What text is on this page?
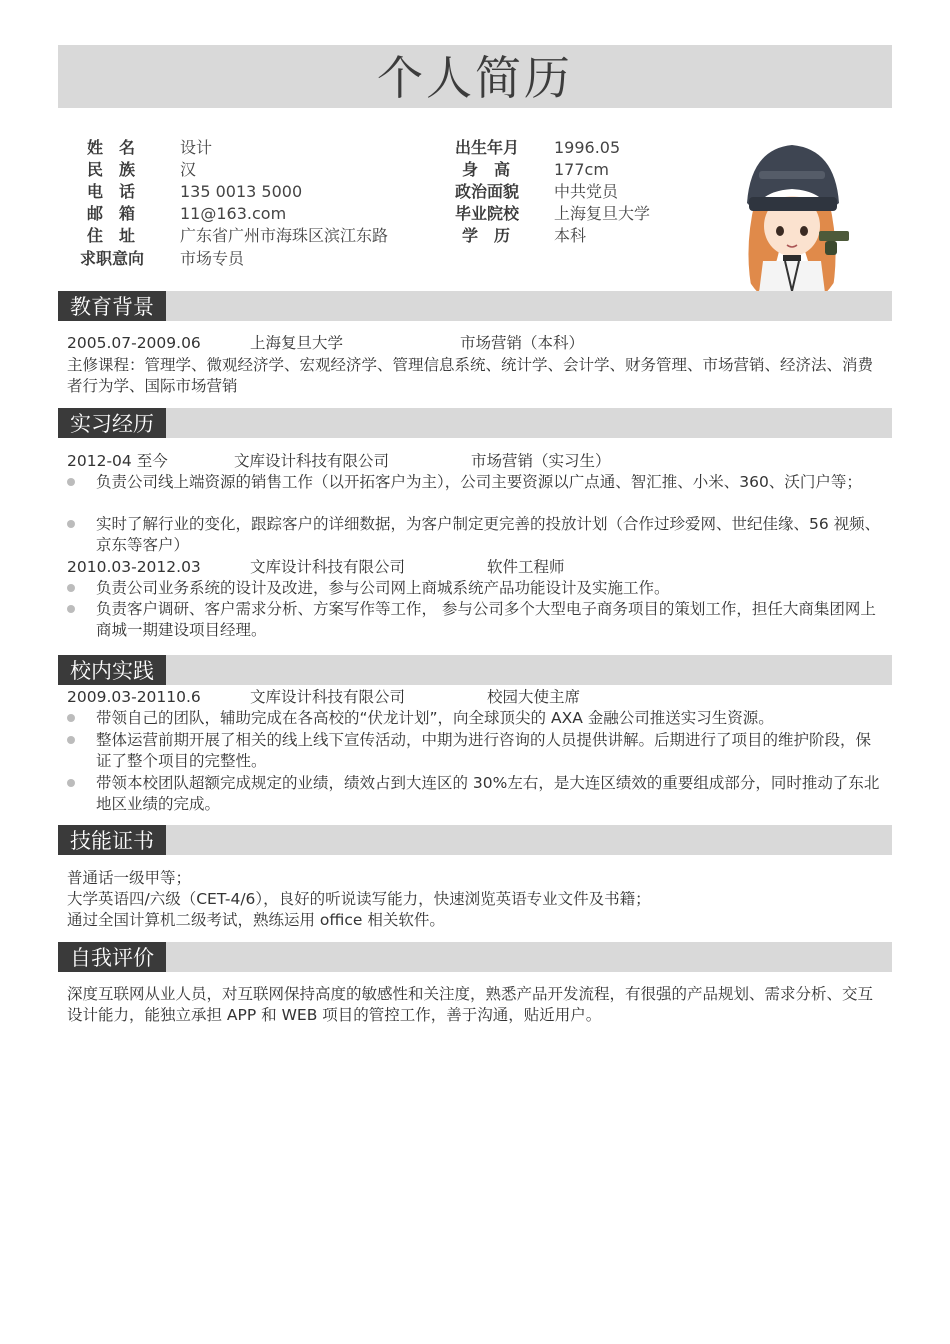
个人简历
姓　名	设计
民　族	汉
电　话	135 0013 5000
邮　箱	11@163.com
住　址	广东省广州市海珠区滨江东路
求职意向 市场专员
出生年月 1996.05
身　高	177cm
政治面貌 中共党员
毕业院校 上海复旦大学
学　历	本科
教育背景
2005.07-2009.06	上海复旦大学	市场营销（本科）
主修课程：管理学、微观经济学、宏观经济学、管理信息系统、统计学、会计学、财务管理、市场营销、经济法、消费者行为学、国际市场营销
实习经历
2012-04 至今	文库设计科技有限公司	市场营销（实习生）
负责公司线上端资源的销售工作（以开拓客户为主），公司主要资源以广点通、智汇推、小米、360、沃门户等；
实时了解行业的变化，跟踪客户的详细数据，为客户制定更完善的投放计划（合作过珍爱网、世纪佳缘、56 视频、京东等客户）
2010.03-2012.03	文库设计科技有限公司	软件工程师
负责公司业务系统的设计及改进，参与公司网上商城系统产品功能设计及实施工作。
负责客户调研、客户需求分析、方案写作等工作， 参与公司多个大型电子商务项目的策划工作，担任大商集团网上商城一期建设项目经理。
校内实践
2009.03-20110.6	文库设计科技有限公司	校园大使主席
带领自己的团队，辅助完成在各高校的“伏龙计划”，向全球顶尖的 AXA 金融公司推送实习生资源。
整体运营前期开展了相关的线上线下宣传活动，中期为进行咨询的人员提供讲解。后期进行了项目的维护阶段，保证了整个项目的完整性。
带领本校团队超额完成规定的业绩，绩效占到大连区的 30%左右，是大连区绩效的重要组成部分，同时推动了东北地区业绩的完成。
技能证书
普通话一级甲等；
大学英语四/六级（CET-4/6），良好的听说读写能力，快速浏览英语专业文件及书籍；
通过全国计算机二级考试，熟练运用 office 相关软件。
自我评价
深度互联网从业人员，对互联网保持高度的敏感性和关注度，熟悉产品开发流程，有很强的产品规划、需求分析、交互设计能力，能独立承担 APP 和 WEB 项目的管控工作，善于沟通，贴近用户。
